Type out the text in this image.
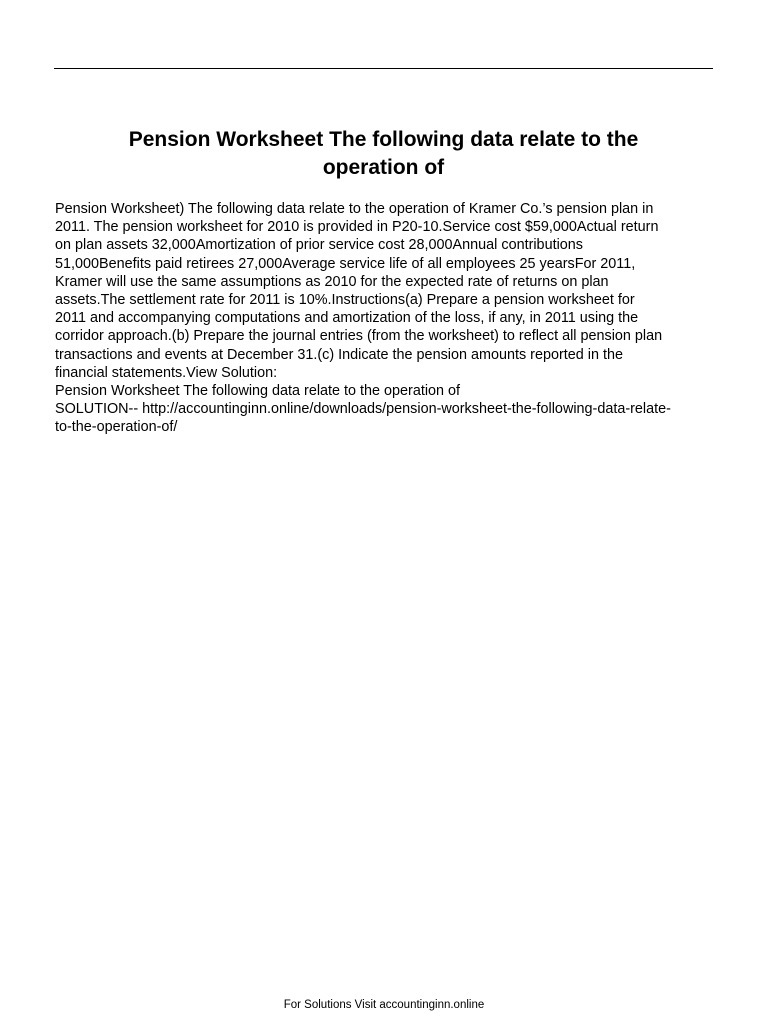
Pension Worksheet The following data relate to the
operation of

Pension Worksheet) The following data relate to the operation of Kramer Co.’s pension plan in
2011. The pension worksheet for 2010 is provided in P20-10.Service cost $59,000Actual return
on plan assets 32,000Amortization of prior service cost 28,000Annual contributions
51,000Benefits paid retirees 27,000Average service life of all employees 25 yearsFor 2011,
Kramer will use the same assumptions as 2010 for the expected rate of returns on plan
assets.The settlement rate for 2011 is 10%.Instructions(a) Prepare a pension worksheet for
2011 and accompanying computations and amortization of the loss, if any, in 2011 using the
corridor approach.(b) Prepare the journal entries (from the worksheet) to reflect all pension plan
transactions and events at December 31.(c) Indicate the pension amounts reported in the
financial statements.View Solution:

Pension Worksheet The following data relate to the operation of

SOLUTION-- http://accountinginn.online/downloads/pension-worksheet-the-following-data-relate-
to-the-operation-of/

For Solutions Visit accountinginn.online
